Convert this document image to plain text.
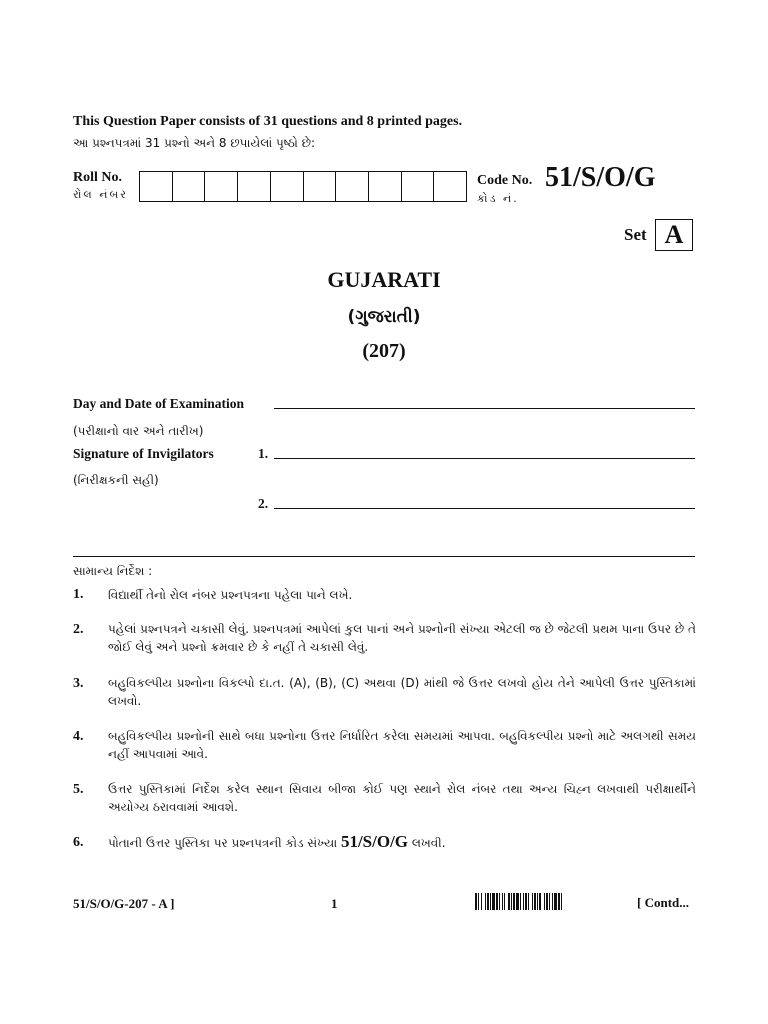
This Question Paper consists of 31 questions and 8 printed pages.
આ પ્રશ્નપત્રમાં 31 પ્રશ્નો અને 8 છપાયેલાં પૃષ્ઠો છે:
Roll No.
રોલ નંબર
Code No. 51/S/O/G
કોડ નં.
Set A
GUJARATI
(ગુજરાતી)
(207)
Day and Date of Examination
(પરીક્ષાનો વાર અને તારીખ)
Signature of Invigilators	1.
(નિરીક્ષકની સહી)
2.
સામાન્ય નિર્દેશ :
1. વિદ્યાર્થી તેનો રોલ નંબર પ્રશ્નપત્રના પહેલા પાને લખે.
2. પહેલાં પ્રશ્નપત્રને ચકાસી લેવું. પ્રશ્નપત્રમાં આપેલાં કુલ પાનાં અને પ્રશ્નોની સંખ્યા એટલી જ છે જેટલી પ્રથમ પાના ઉપર છે તે જોઈ લેવું અને પ્રશ્નો ક્રમવાર છે કે નહીં તે ચકાસી લેવું.
3. બહુવિકલ્પીય પ્રશ્નોના વિકલ્પો દા.ત. (A), (B), (C) અથવા (D) માંથી જે ઉત્તર લખવો હોય તેને આપેલી ઉત્તર પુસ્તિકામાં લખવો.
4. બહુવિકલ્પીય પ્રશ્નોની સાથે બધા પ્રશ્નોના ઉત્તર નિર્ધારિત કરેલા સમયમાં આપવા. બહુવિકલ્પીય પ્રશ્નો માટે અલગથી સમય નહીં આપવામાં આવે.
5. ઉત્તર પુસ્તિકામાં નિર્દેશ કરેલ સ્થાન સિવાય બીજા કોઈ પણ સ્થાને રોલ નંબર તથા અન્ય ચિહ્ન લખવાથી પરીક્ષાર્થીને અયોગ્ય ઠરાવવામાં આવશે.
6. પોતાની ઉત્તર પુસ્તિકા પર પ્રશ્નપત્રની કોડ સંખ્યા 51/S/O/G લખવી.
51/S/O/G-207 - A ]	1	[ Contd...
